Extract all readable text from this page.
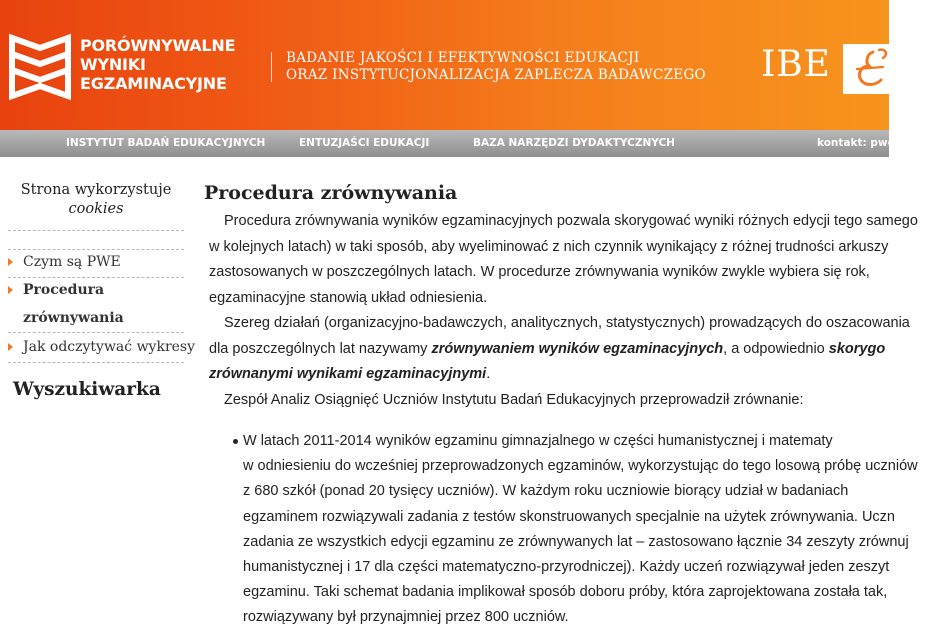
PORÓWNYWALNE
WYNIKI
EGZAMINACYJNE
BADANIE JAKOŚCI I EFEKTYWNOŚCI EDUKACJI
ORAZ INSTYTUCJONALIZACJA ZAPLECZA BADAWCZEGO IBE
INSTYTUT BADAŃ EDUKACYJNYCH	ENTUZJAŚCI EDUKACJI	BAZA NARZĘDZI DYDAKTYCZNYCH	kontakt: pwe
Strona wykorzystuje
cookies
Czym są PWE
Procedura
zrównywania
Jak odczytywać wykresy
Wyszukiwarka
Procedura zrównywania
Procedura zrównywania wyników egzaminacyjnych pozwala skorygować wyniki różnych edycji tego samego
w kolejnych latach) w taki sposób, aby wyeliminować z nich czynnik wynikający z różnej trudności arkuszy
zastosowanych w poszczególnych latach. W procedurze zrównywania wyników zwykle wybiera się rok,
egzaminacyjne stanowią układ odniesienia.
Szereg działań (organizacyjno-badawczych, analitycznych, statystycznych) prowadzących do oszacowania
dla poszczególnych lat nazywamy zrównywaniem wyników egzaminacyjnych, a odpowiednio skorygo
zrównanymi wynikami egzaminacyjnymi.
Zespół Analiz Osiągnięć Uczniów Instytutu Badań Edukacyjnych przeprowadził zrównanie:
W latach 2011-2014 wyników egzaminu gimnazjalnego w części humanistycznej i matematy
w odniesieniu do wcześniej przeprowadzonych egzaminów, wykorzystując do tego losową próbę uczniów
z 680 szkół (ponad 20 tysięcy uczniów). W każdym roku uczniowie biorący udział w badaniach
egzaminem rozwiązywali zadania z testów skonstruowanych specjalnie na użytek zrównywania. Uczn
zadania ze wszystkich edycji egzaminu ze zrównywanych lat – zastosowano łącznie 34 zeszyty zrównuj
humanistycznej i 17 dla części matematyczno-przyrodniczej). Każdy uczeń rozwiązywał jeden zeszyt
egzaminu. Taki schemat badania implikował sposób doboru próby, która zaprojektowana została tak,
rozwiązywany był przynajmniej przez 800 uczniów.
